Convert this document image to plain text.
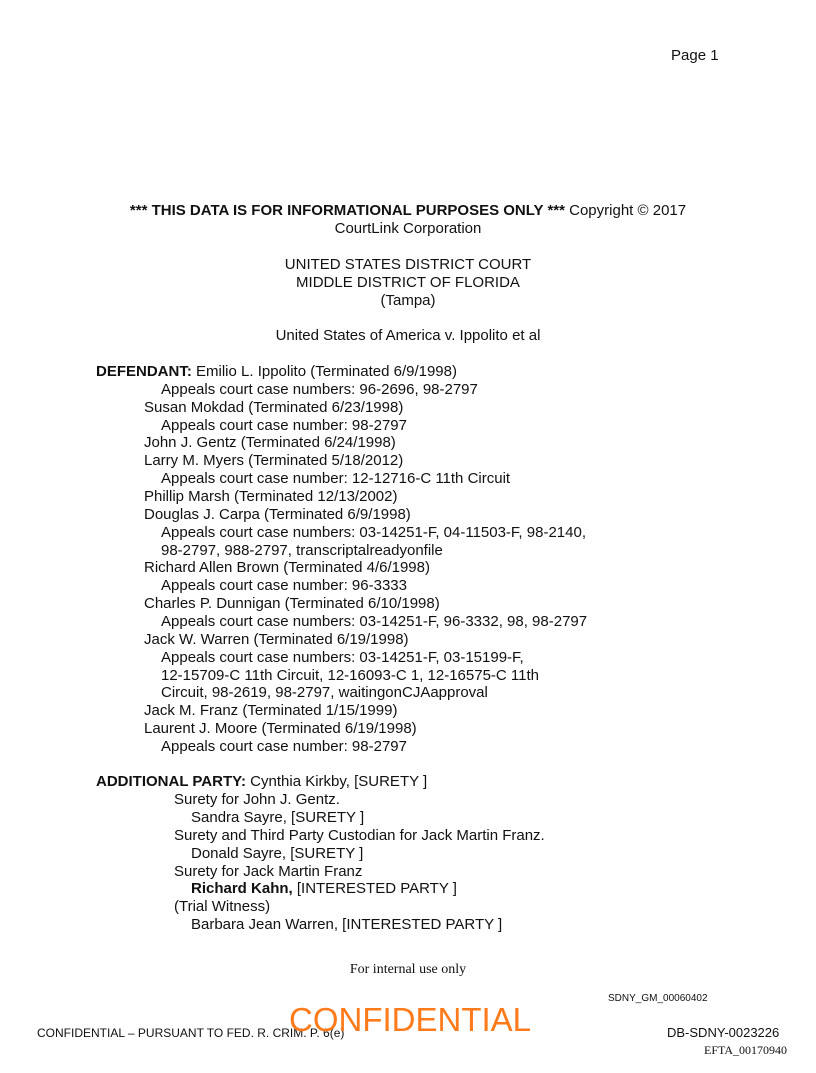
Page 1
*** THIS DATA IS FOR INFORMATIONAL PURPOSES ONLY *** Copyright © 2017
CourtLink Corporation
UNITED STATES DISTRICT COURT
MIDDLE DISTRICT OF FLORIDA
(Tampa)
United States of America v. Ippolito et al
DEFENDANT: Emilio L. Ippolito (Terminated 6/9/1998)
Appeals court case numbers: 96-2696, 98-2797
Susan Mokdad (Terminated 6/23/1998)
Appeals court case number: 98-2797
John J. Gentz (Terminated 6/24/1998)
Larry M. Myers (Terminated 5/18/2012)
Appeals court case number: 12-12716-C 11th Circuit
Phillip Marsh (Terminated 12/13/2002)
Douglas J. Carpa (Terminated 6/9/1998)
Appeals court case numbers: 03-14251-F, 04-11503-F, 98-2140,
98-2797, 988-2797, transcriptalreadyonfile
Richard Allen Brown (Terminated 4/6/1998)
Appeals court case number: 96-3333
Charles P. Dunnigan (Terminated 6/10/1998)
Appeals court case numbers: 03-14251-F, 96-3332, 98, 98-2797
Jack W. Warren (Terminated 6/19/1998)
Appeals court case numbers: 03-14251-F, 03-15199-F,
12-15709-C 11th Circuit, 12-16093-C 1, 12-16575-C 11th
Circuit, 98-2619, 98-2797, waitingonCJAapproval
Jack M. Franz (Terminated 1/15/1999)
Laurent J. Moore (Terminated 6/19/1998)
Appeals court case number: 98-2797
ADDITIONAL PARTY: Cynthia Kirkby, [SURETY ]
Surety for John J. Gentz.
Sandra Sayre, [SURETY ]
Surety and Third Party Custodian for Jack Martin Franz.
Donald Sayre, [SURETY ]
Surety for Jack Martin Franz
Richard Kahn, [INTERESTED PARTY ]
(Trial Witness)
Barbara Jean Warren, [INTERESTED PARTY ]
For internal use only
SDNY_GM_00060402
CONFIDENTIAL – PURSUANT TO FED. R. CRIM. P. 6(e)
CONFIDENTIAL	DB-SDNY-0023226
EFTA_00170940
